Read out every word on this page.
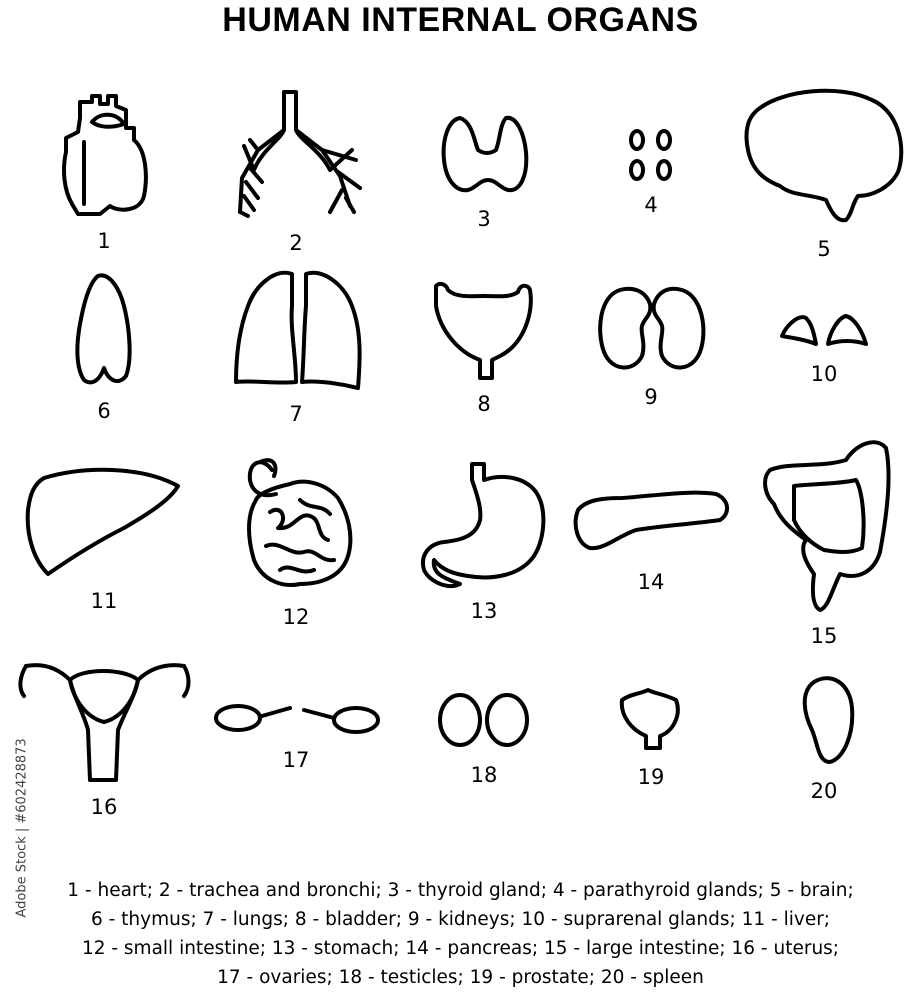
HUMAN INTERNAL ORGANS
1	2
3
4
5
6	7	8	9
10
11
12	13
14
15
16
17
18	19
20
Adobe Stock | #602428873	1 - heart; 2 - trachea and bronchi; 3 - thyroid gland; 4 - parathyroid glands; 5 - brain;
6 - thymus; 7 - lungs; 8 - bladder; 9 - kidneys; 10 - suprarenal glands; 11 - liver;
12 - small intestine; 13 - stomach; 14 - pancreas; 15 - large intestine; 16 - uterus;
17 - ovaries; 18 - testicles; 19 - prostate; 20 - spleen
